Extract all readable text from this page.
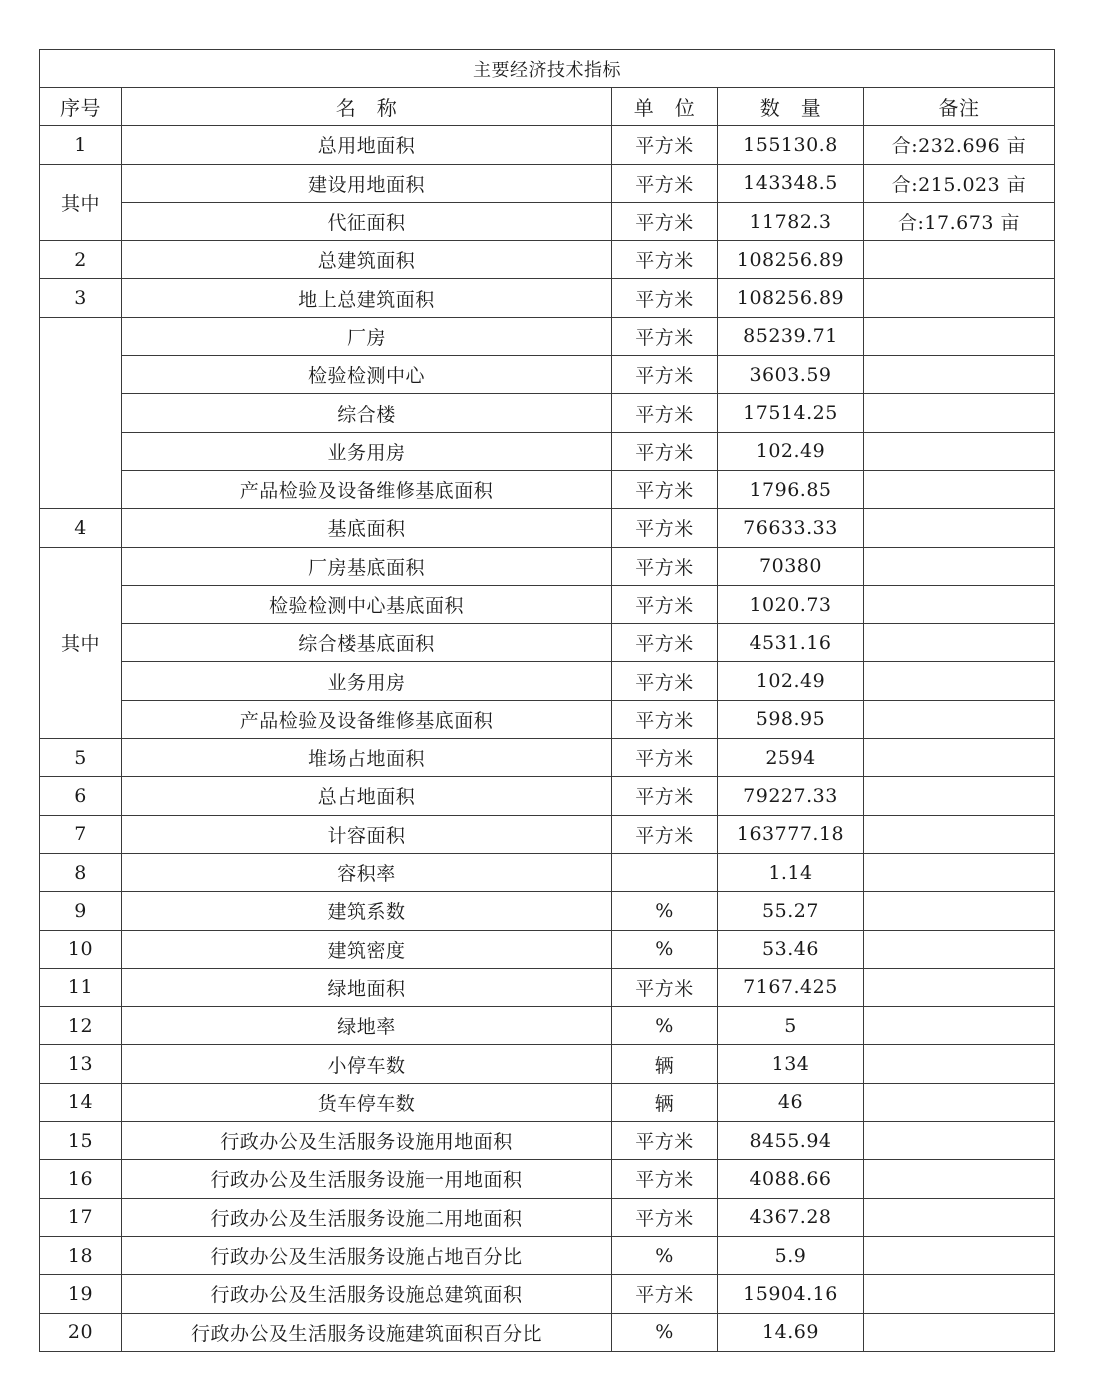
主要经济技术指标				
序号	名　称	单　位	数　量	备注
1	总用地面积	平方米	155130.8	合:232.696 亩
其中	建设用地面积	平方米	143348.5	合:215.023 亩
	代征面积	平方米	11782.3	合:17.673 亩
2	总建筑面积	平方米	108256.89	
3	地上总建筑面积	平方米	108256.89	
	厂房	平方米	85239.71	
	检验检测中心	平方米	3603.59	
	综合楼	平方米	17514.25	
	业务用房	平方米	102.49	
	产品检验及设备维修基底面积	平方米	1796.85	
4	基底面积	平方米	76633.33	
其中	厂房基底面积	平方米	70380	
	检验检测中心基底面积	平方米	1020.73	
	综合楼基底面积	平方米	4531.16	
	业务用房	平方米	102.49	
	产品检验及设备维修基底面积	平方米	598.95	
5	堆场占地面积	平方米	2594	
6	总占地面积	平方米	79227.33	
7	计容面积	平方米	163777.18	
8	容积率		1.14	
9	建筑系数	%	55.27	
10	建筑密度	%	53.46	
11	绿地面积	平方米	7167.425	
12	绿地率	%	5	
13	小停车数	辆	134	
14	货车停车数	辆	46	
15	行政办公及生活服务设施用地面积	平方米	8455.94	
16	行政办公及生活服务设施一用地面积	平方米	4088.66	
17	行政办公及生活服务设施二用地面积	平方米	4367.28	
18	行政办公及生活服务设施占地百分比	%	5.9	
19	行政办公及生活服务设施总建筑面积	平方米	15904.16	
20	行政办公及生活服务设施建筑面积百分比	%	14.69	
